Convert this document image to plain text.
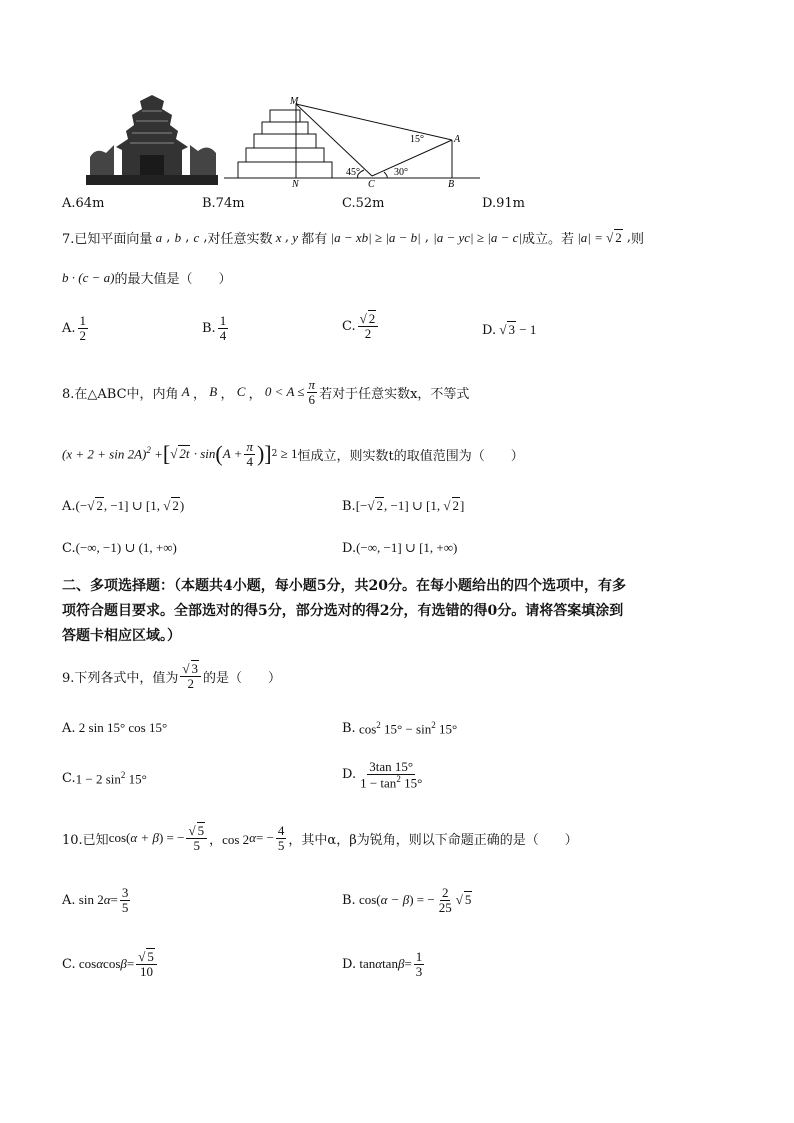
M
N	C
A
B
15°
45°	30°
A.64m	B.74m	C.52m	D.91m
7.已知平面向量 a , b , c , 对任意实数 x , y 都有 |a − xb| ≥ |a − b| , |a − yc| ≥ |a − c| 成立。若 |a| = √ 2 , 则
b · (c − a) 的最大值是（　　）
A. $\frac{1}{2}$	B. $\frac{1}{4}$	C. $\frac{√ 2}{2}$	D. √ 3 − 1
8.在△ABC中，内角 A ， B ， C ， $0 < A \le \frac{\pi}{6}$ 若对于任意实数x，不等式
$(x + 2 + \sin 2A)^2$ + [ √ 2t · sin ( $A + \frac{\pi}{4}$ ) ] 2 ≥ 1 恒成立，则实数t的取值范围为（　　）
A. (−√ 2, −1] ∪ [1, √ 2)	B. [−√ 2, −1] ∪ [1, √ 2]
C. (−∞, −1) ∪ (1, +∞)	D. (−∞, −1] ∪ [1, +∞)
二、多项选择题：（本题共4小题，每小题5分，共20分。在每小题给出的四个选项中，有多
项符合题目要求。全部选对的得5分，部分选对的得2分，有选错的得0分。请将答案填涂到
答题卡相应区域。）
9.下列各式中，值为 $\frac{√ 3}{2}$ 的是（　　）
A. 2 sin 15° cos 15°	B. $\cos^2 15^\circ - \sin^2 15^\circ$
C. 1 − 2 $\sin^2 15^\circ$	D. $\frac{3\tan 15^\circ}{1 - \tan^2 15^\circ}$
10.已知 cos( α + β ) = − $\frac{√ 5}{5}$ ，cos 2 α = − $\frac{4}{5}$ ，其中α，β为锐角，则以下命题正确的是（　　）
A. sin 2 $\alpha = \frac{3}{5}$	B. cos( α − β ) = − $\frac{2}{25}$ √ 5
C. cos α $\cos \beta = \frac{√ 5}{10}$	D. tan α $\tan \beta = \frac{1}{3}$
